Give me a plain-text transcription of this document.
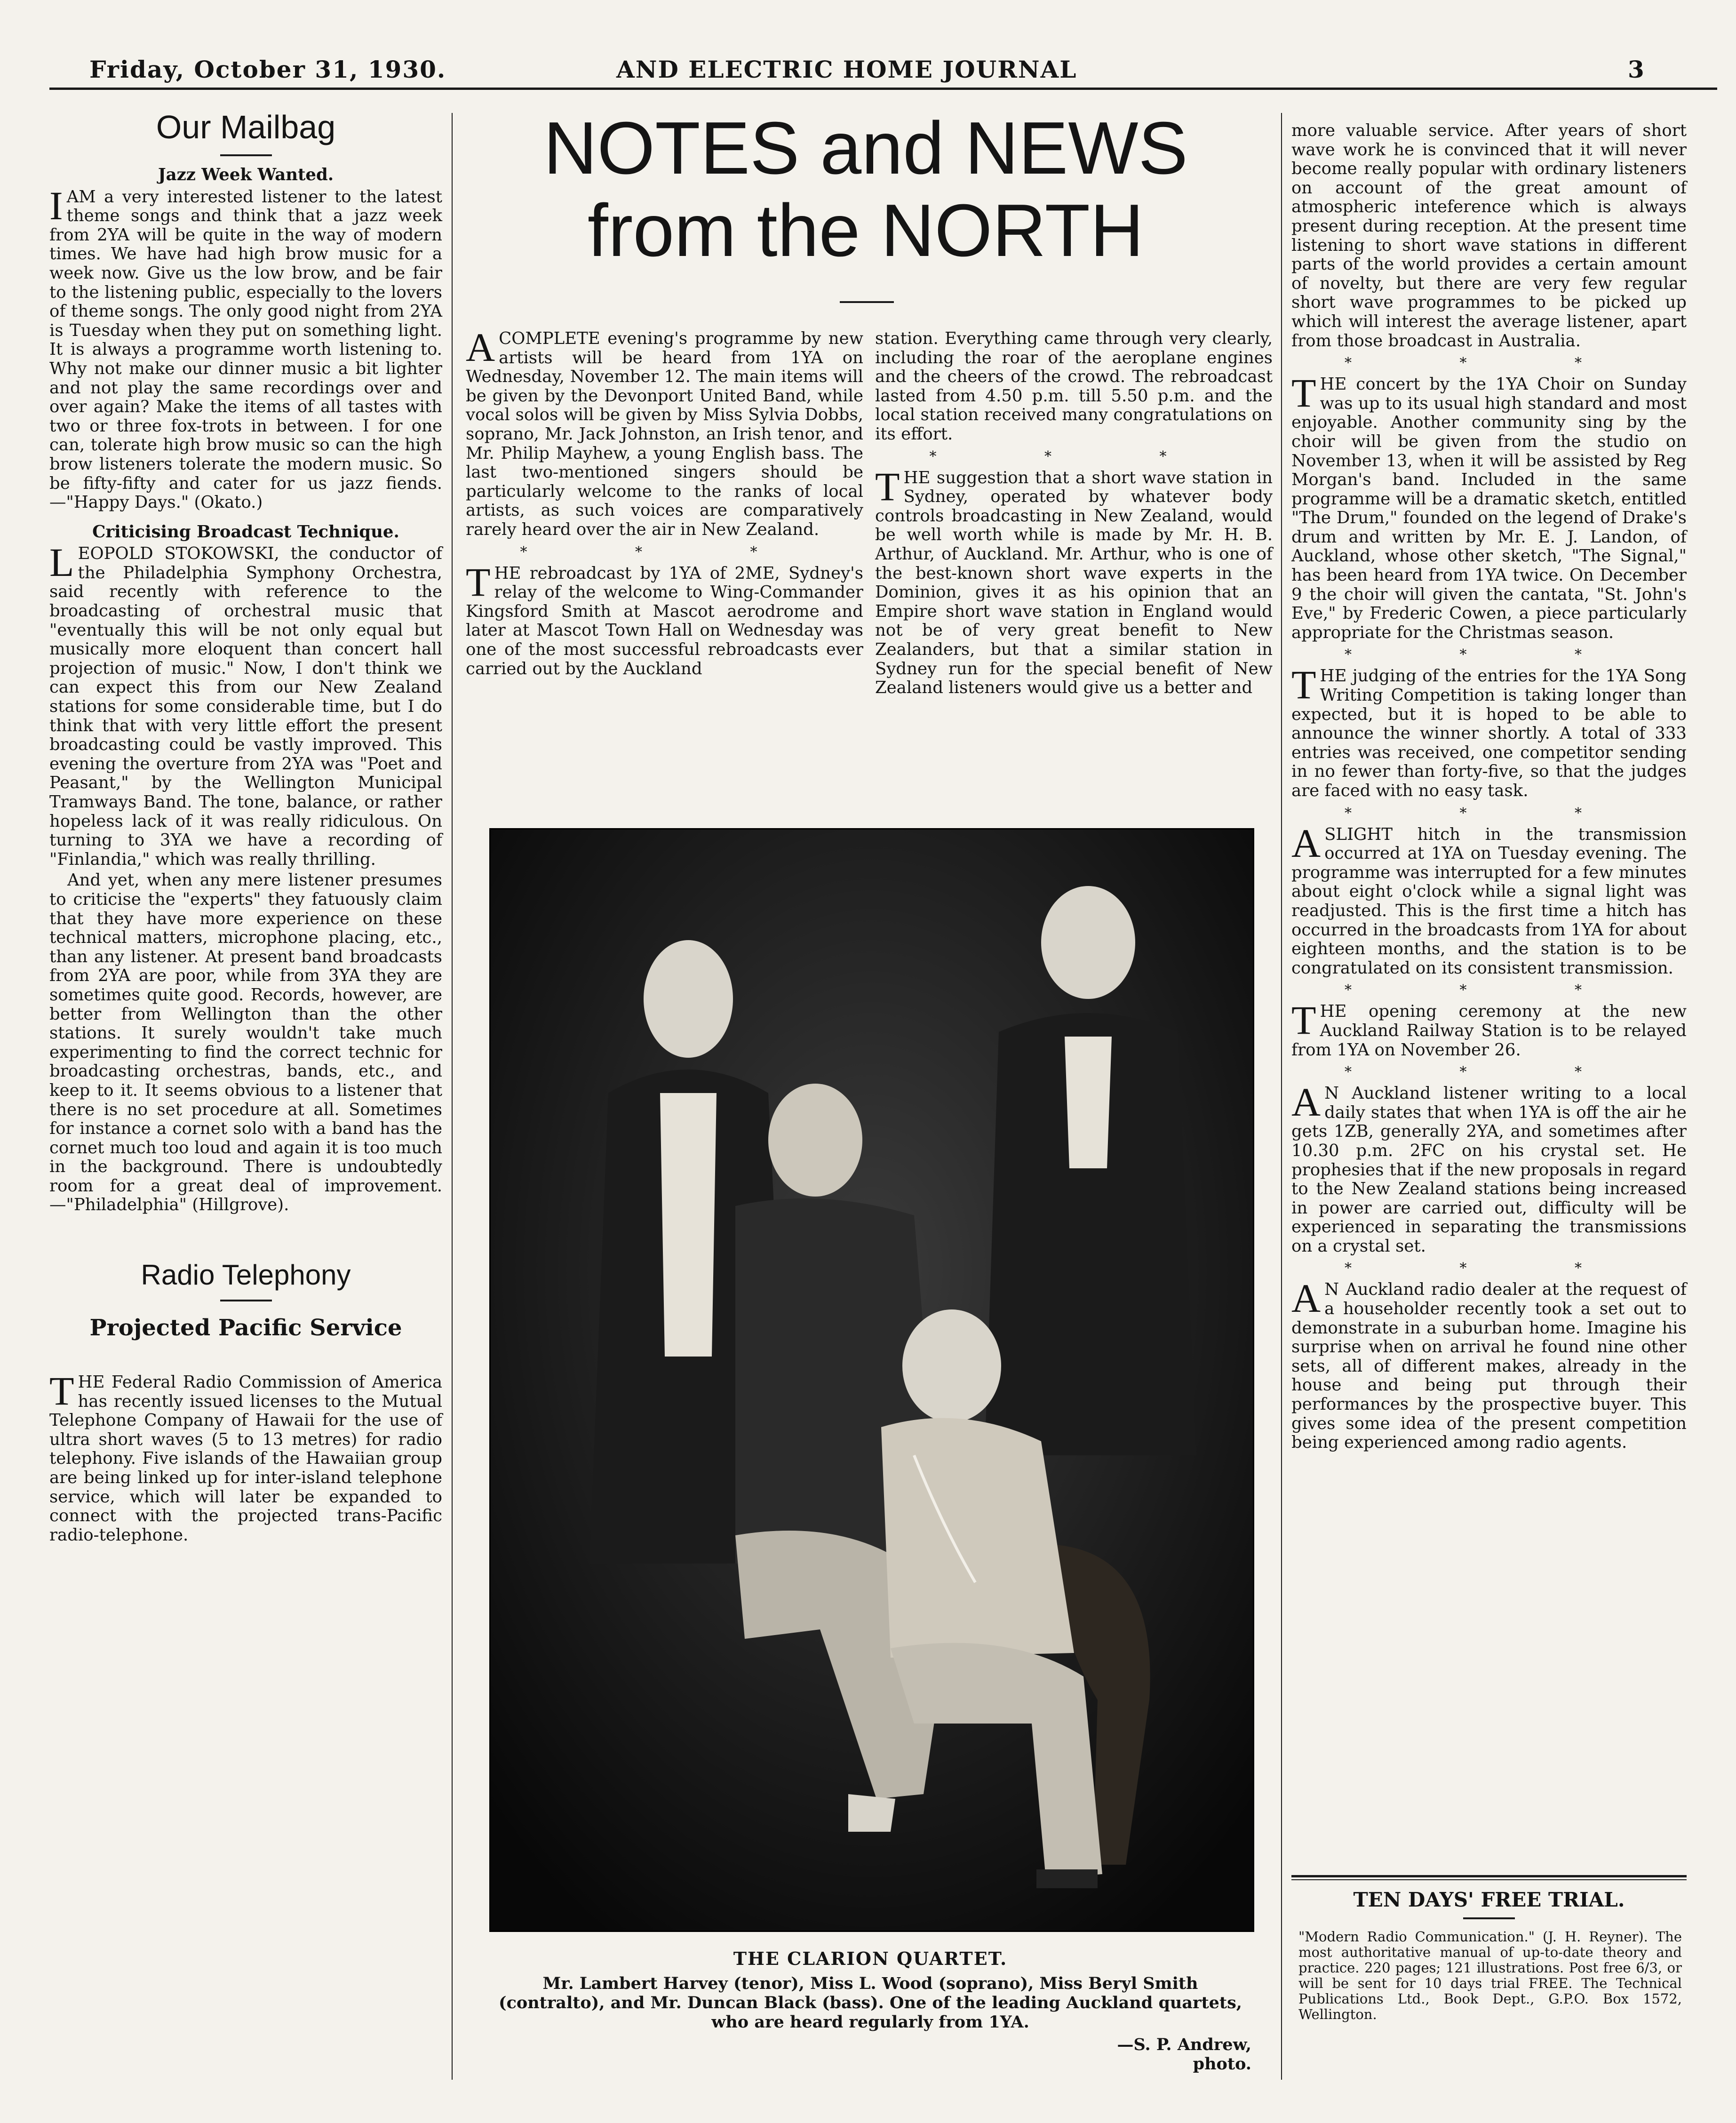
Friday, October 31, 1930.	AND ELECTRIC HOME JOURNAL	3
Our Mailbag
Jazz Week Wanted.

IAM a very interested listener to the latest theme songs and think that a jazz week from 2YA will be quite in the way of modern times. We have had high brow music for a week now. Give us the low brow, and be fair to the listening public, especially to the lovers of theme songs. The only good night from 2YA is Tuesday when they put on something light. It is always a programme worth listening to. Why not make our dinner music a bit lighter and not play the same recordings over and over again? Make the items of all tastes with two or three fox-trots in between. I for one can, tolerate high brow music so can the high brow listeners tolerate the modern music. So be fifty-fifty and cater for us jazz fiends.—"Happy Days." (Okato.)

Criticising Broadcast Technique.

LEOPOLD STOKOWSKI, the conductor of the Philadelphia Symphony Orchestra, said recently with reference to the broadcasting of orchestral music that "eventually this will be not only equal but musically more eloquent than concert hall projection of music." Now, I don't think we can expect this from our New Zealand stations for some considerable time, but I do think that with very little effort the present broadcasting could be vastly improved. This evening the overture from 2YA was "Poet and Peasant," by the Wellington Municipal Tramways Band. The tone, balance, or rather hopeless lack of it was really ridiculous. On turning to 3YA we have a recording of "Finlandia," which was really thrilling.

And yet, when any mere listener presumes to criticise the "experts" they fatuously claim that they have more experience on these technical matters, microphone placing, etc., than any listener. At present band broadcasts from 2YA are poor, while from 3YA they are sometimes quite good. Records, however, are better from Wellington than the other stations. It surely wouldn't take much experimenting to find the correct technic for broadcasting orchestras, bands, etc., and keep to it. It seems obvious to a listener that there is no set procedure at all. Sometimes for instance a cornet solo with a band has the cornet much too loud and again it is too much in the background. There is undoubtedly room for a great deal of improvement.—"Philadelphia" (Hillgrove).

Radio Telephony
Projected Pacific Service

THE Federal Radio Commission of America has recently issued licenses to the Mutual Telephone Company of Hawaii for the use of ultra short waves (5 to 13 metres) for radio telephony. Five islands of the Hawaiian group are being linked up for inter-island telephone service, which will later be expanded to connect with the projected trans-Pacific radio-telephone.

NOTES and NEWS
from the NORTH

ACOMPLETE evening's programme by new artists will be heard from 1YA on Wednesday, November 12. The main items will be given by the Devonport United Band, while vocal solos will be given by Miss Sylvia Dobbs, soprano, Mr. Jack Johnston, an Irish tenor, and Mr. Philip Mayhew, a young English bass. The last two-mentioned singers should be particularly welcome to the ranks of local artists, as such voices are comparatively rarely heard over the air in New Zealand.

* * *

THE rebroadcast by 1YA of 2ME, Sydney's relay of the welcome to Wing-Commander Kingsford Smith at Mascot aerodrome and later at Mascot Town Hall on Wednesday was one of the most successful rebroadcasts ever carried out by the Auckland

station. Everything came through very clearly, including the roar of the aeroplane engines and the cheers of the crowd. The rebroadcast lasted from 4.50 p.m. till 5.50 p.m. and the local station received many congratulations on its effort.

* * *

THE suggestion that a short wave station in Sydney, operated by whatever body controls broadcasting in New Zealand, would be well worth while is made by Mr. H. B. Arthur, of Auckland. Mr. Arthur, who is one of the best-known short wave experts in the Dominion, gives it as his opinion that an Empire short wave station in England would not be of very great benefit to New Zealanders, but that a similar station in Sydney run for the special benefit of New Zealand listeners would give us a better and

THE CLARION QUARTET.
Mr. Lambert Harvey (tenor), Miss L. Wood (soprano), Miss Beryl Smith (contralto), and Mr. Duncan Black (bass). One of the leading Auckland quartets, who are heard regularly from 1YA.
—S. P. Andrew, photo.

more valuable service. After years of short wave work he is convinced that it will never become really popular with ordinary listeners on account of the great amount of atmospheric inteference which is always present during reception. At the present time listening to short wave stations in different parts of the world provides a certain amount of novelty, but there are very few regular short wave programmes to be picked up which will interest the average listener, apart from those broadcast in Australia.

* * *

THE concert by the 1YA Choir on Sunday was up to its usual high standard and most enjoyable. Another community sing by the choir will be given from the studio on November 13, when it will be assisted by Reg Morgan's band. Included in the same programme will be a dramatic sketch, entitled "The Drum," founded on the legend of Drake's drum and written by Mr. E. J. Landon, of Auckland, whose other sketch, "The Signal," has been heard from 1YA twice. On December 9 the choir will given the cantata, "St. John's Eve," by Frederic Cowen, a piece particularly appropriate for the Christmas season.

* * *

THE judging of the entries for the 1YA Song Writing Competition is taking longer than expected, but it is hoped to be able to announce the winner shortly. A total of 333 entries was received, one competitor sending in no fewer than forty-five, so that the judges are faced with no easy task.

* * *

ASLIGHT hitch in the transmission occurred at 1YA on Tuesday evening. The programme was interrupted for a few minutes about eight o'clock while a signal light was readjusted. This is the first time a hitch has occurred in the broadcasts from 1YA for about eighteen months, and the station is to be congratulated on its consistent transmission.

* * *

THE opening ceremony at the new Auckland Railway Station is to be relayed from 1YA on November 26.

* * *

A N Auckland listener writing to a local daily states that when 1YA is off the air he gets 1ZB, generally 2YA, and sometimes after 10.30 p.m. 2FC on his crystal set. He prophesies that if the new proposals in regard to the New Zealand stations being increased in power are carried out, difficulty will be experienced in separating the transmissions on a crystal set.

* * *

A N Auckland radio dealer at the request of a householder recently took a set out to demonstrate in a suburban home. Imagine his surprise when on arrival he found nine other sets, all of different makes, already in the house and being put through their performances by the prospective buyer. This gives some idea of the present competition being experienced among radio agents.

TEN DAYS' FREE TRIAL.
"Modern Radio Communication." (J. H. Reyner). The most authoritative manual of up-to-date theory and practice. 220 pages; 121 illustrations. Post free 6/3, or will be sent for 10 days trial FREE. The Technical Publications Ltd., Book Dept., G.P.O. Box 1572, Wellington.
